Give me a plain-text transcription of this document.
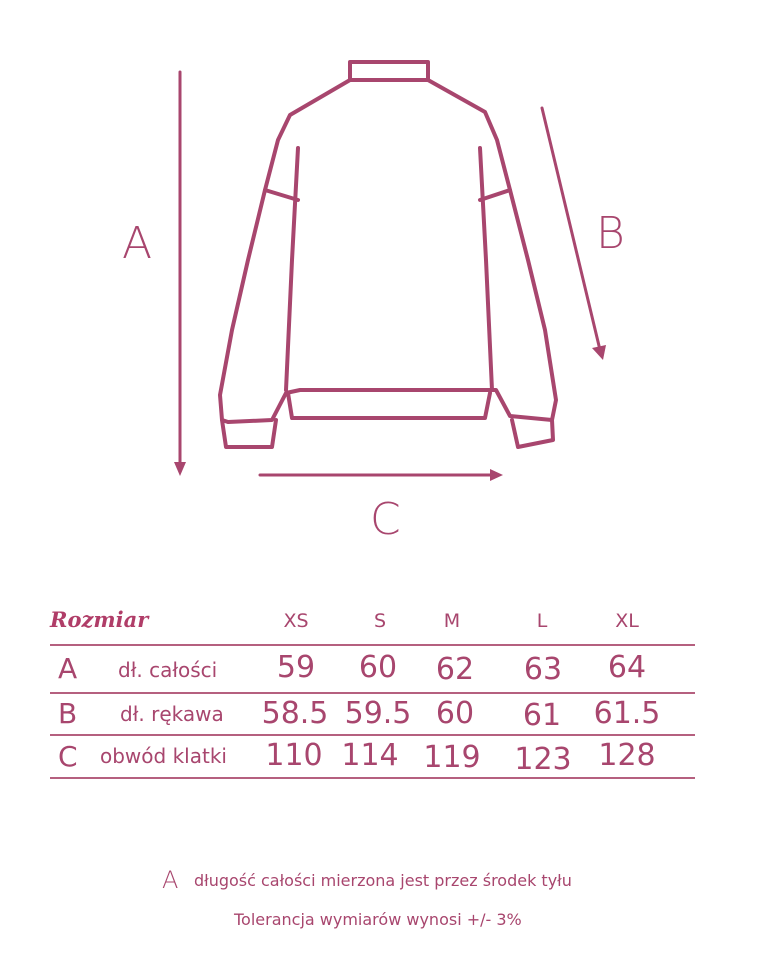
A	B
C
Rozmiar	XS	S	M	L	XL
A dł. całości 59 60 62 63 64
B dł. rękawa 58.5 59.5 60 61 61.5
C obwód klatki 110 114 119 123 128
A długość całości mierzona jest przez środek tyłu
Tolerancja wymiarów wynosi +/- 3%
